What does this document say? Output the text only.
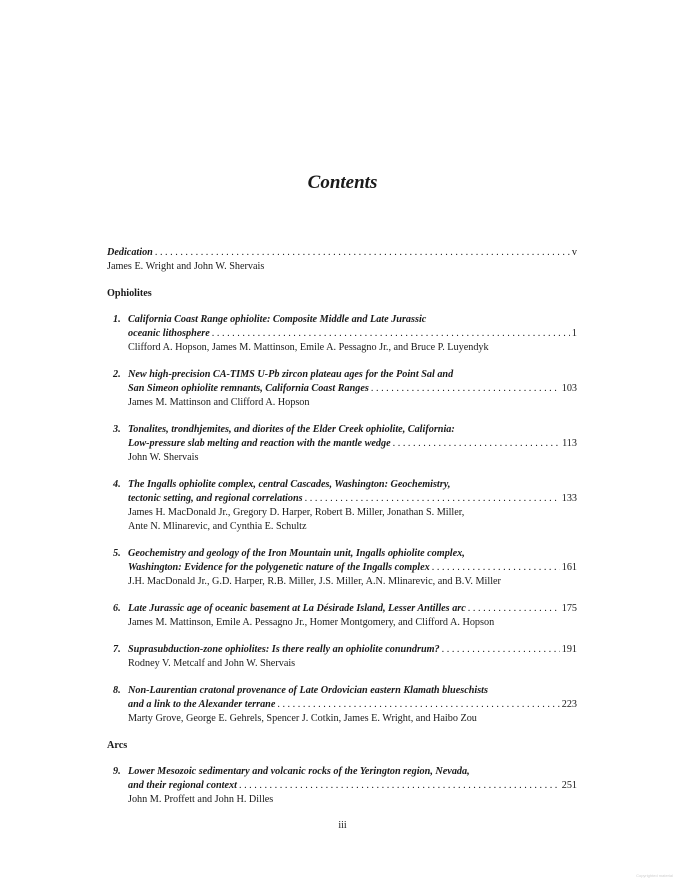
Contents
Dedication . . .	v
James E. Wright and John W. Shervais
Ophiolites
1. California Coast Range ophiolite: Composite Middle and Late Jurassic
oceanic lithosphere . . .	1
Clifford A. Hopson, James M. Mattinson, Emile A. Pessagno Jr., and Bruce P. Luyendyk
2. New high-precision CA-TIMS U-Pb zircon plateau ages for the Point Sal and
San Simeon ophiolite remnants, California Coast Ranges . . .	103
James M. Mattinson and Clifford A. Hopson
3. Tonalites, trondhjemites, and diorites of the Elder Creek ophiolite, California:
Low-pressure slab melting and reaction with the mantle wedge . . .	113
John W. Shervais
4. The Ingalls ophiolite complex, central Cascades, Washington: Geochemistry,
tectonic setting, and regional correlations . . .	133
James H. MacDonald Jr., Gregory D. Harper, Robert B. Miller, Jonathan S. Miller,
Ante N. Mlinarevic, and Cynthia E. Schultz
5. Geochemistry and geology of the Iron Mountain unit, Ingalls ophiolite complex,
Washington: Evidence for the polygenetic nature of the Ingalls complex . . .	161
J.H. MacDonald Jr., G.D. Harper, R.B. Miller, J.S. Miller, A.N. Mlinarevic, and B.V. Miller
6. Late Jurassic age of oceanic basement at La Désirade Island, Lesser Antilles arc . . .	175
James M. Mattinson, Emile A. Pessagno Jr., Homer Montgomery, and Clifford A. Hopson
7. Suprasubduction-zone ophiolites: Is there really an ophiolite conundrum? . . .	191
Rodney V. Metcalf and John W. Shervais
8. Non-Laurentian cratonal provenance of Late Ordovician eastern Klamath blueschists
and a link to the Alexander terrane . . .	223
Marty Grove, George E. Gehrels, Spencer J. Cotkin, James E. Wright, and Haibo Zou
Arcs
9. Lower Mesozoic sedimentary and volcanic rocks of the Yerington region, Nevada,
and their regional context . . .	251
John M. Proffett and John H. Dilles
iii
Copyrighted material
